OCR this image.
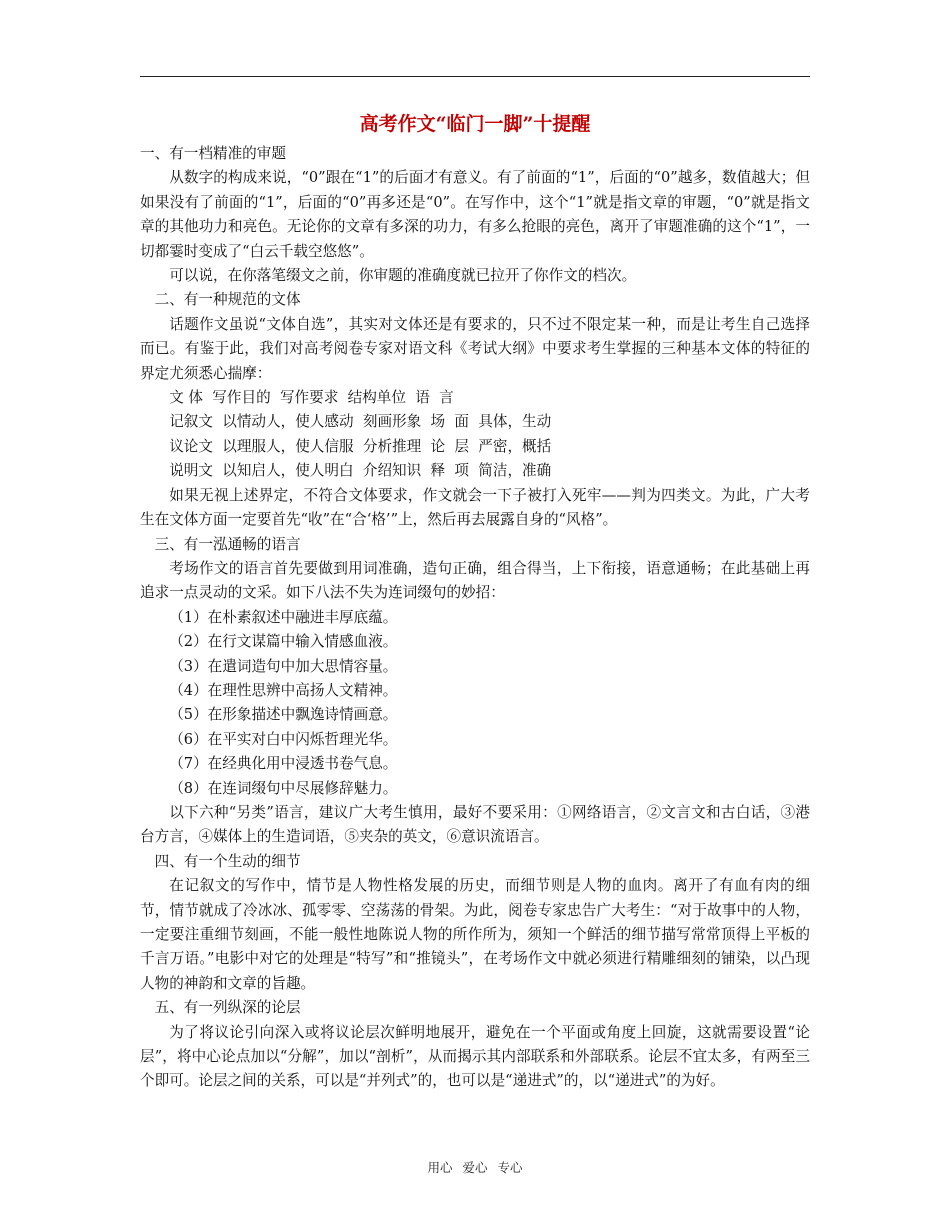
高考作文“临门一脚”十提醒
一、有一档精准的审题

从数字的构成来说，“0”跟在“1”的后面才有意义。有了前面的“1”，后面的“0”越多，数值越大；但如果没有了前面的“1”，后面的“0”再多还是“0”。在写作中，这个“1”就是指文章的审题，“0”就是指文章的其他功力和亮色。无论你的文章有多深的功力，有多么抢眼的亮色，离开了审题准确的这个“1”，一切都霎时变成了“白云千载空悠悠”。

可以说，在你落笔缀文之前，你审题的准确度就已拉开了你作文的档次。

二、有一种规范的文体

话题作文虽说“文体自选”，其实对文体还是有要求的，只不过不限定某一种，而是让考生自己选择而已。有鉴于此，我们对高考阅卷专家对语文科《考试大纲》中要求考生掌握的三种基本文体的特征的界定尤须悉心揣摩：

文 体  写作目的  写作要求  结构单位  语  言
记叙文  以情动人，使人感动  刻画形象  场  面  具体，生动
议论文  以理服人，使人信服  分析推理  论  层  严密，概括
说明文  以知启人，使人明白  介绍知识  释  项  简洁，准确

如果无视上述界定，不符合文体要求，作文就会一下子被打入死牢——判为四类文。为此，广大考生在文体方面一定要首先“收”在“合‘格’”上，然后再去展露自身的“风格”。

三、有一泓通畅的语言

考场作文的语言首先要做到用词准确，造句正确，组合得当，上下衔接，语意通畅；在此基础上再追求一点灵动的文采。如下八法不失为连词缀句的妙招：

（1）在朴素叙述中融进丰厚底蕴。
（2）在行文谋篇中输入情感血液。
（3）在遣词造句中加大思情容量。
（4）在理性思辨中高扬人文精神。
（5）在形象描述中飘逸诗情画意。
（6）在平实对白中闪烁哲理光华。
（7）在经典化用中浸透书卷气息。
（8）在连词缀句中尽展修辞魅力。

以下六种“另类”语言，建议广大考生慎用，最好不要采用：①网络语言，②文言文和古白话，③港台方言，④媒体上的生造词语，⑤夹杂的英文，⑥意识流语言。

四、有一个生动的细节

在记叙文的写作中，情节是人物性格发展的历史，而细节则是人物的血肉。离开了有血有肉的细节，情节就成了冷冰冰、孤零零、空荡荡的骨架。为此，阅卷专家忠告广大考生：“对于故事中的人物，一定要注重细节刻画，不能一般性地陈说人物的所作所为，须知一个鲜活的细节描写常常顶得上平板的千言万语。”电影中对它的处理是“特写”和“推镜头”，在考场作文中就必须进行精雕细刻的铺染，以凸现人物的神韵和文章的旨趣。

五、有一列纵深的论层

为了将议论引向深入或将议论层次鲜明地展开，避免在一个平面或角度上回旋，这就需要设置“论层”，将中心论点加以“分解”，加以“剖析”，从而揭示其内部联系和外部联系。论层不宜太多，有两至三个即可。论层之间的关系，可以是“并列式”的，也可以是“递进式”的，以“递进式”的为好。

用心 爱心 专心
